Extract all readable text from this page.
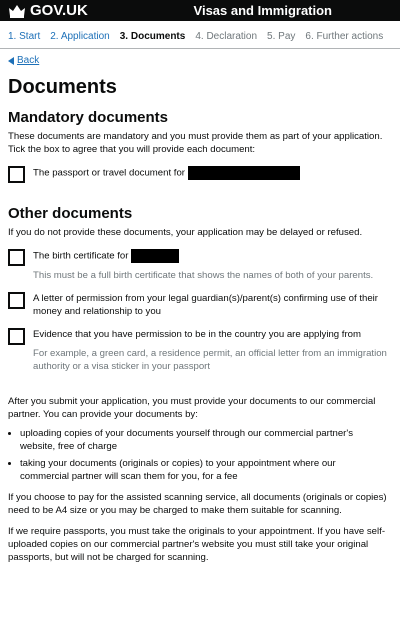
GOV.UK	Visas and Immigration
1. Start 2. Application 3. Documents 4. Declaration 5. Pay 6. Further actions
Back
Documents
Mandatory documents

These documents are mandatory and you must provide them as part of your application. Tick the box to agree that you will provide each document:

The passport or travel document for
Other documents

If you do not provide these documents, your application may be delayed or refused.

The birth certificate for
This must be a full birth certificate that shows the names of both of your parents.
A letter of permission from your legal guardian(s)/parent(s) confirming use of their money and relationship to you
Evidence that you have permission to be in the country you are applying from
For example, a green card, a residence permit, an official letter from an immigration authority or a visa sticker in your passport

After you submit your application, you must provide your documents to our commercial partner. You can provide your documents by:

• uploading copies of your documents yourself through our commercial partner's website, free of charge
• taking your documents (originals or copies) to your appointment where our commercial partner will scan them for you, for a fee

If you choose to pay for the assisted scanning service, all documents (originals or copies) need to be A4 size or you may be charged to make them suitable for scanning.

If we require passports, you must take the originals to your appointment. If you have self-uploaded copies on our commercial partner's website you must still take your original passports, but will not be charged for scanning.
